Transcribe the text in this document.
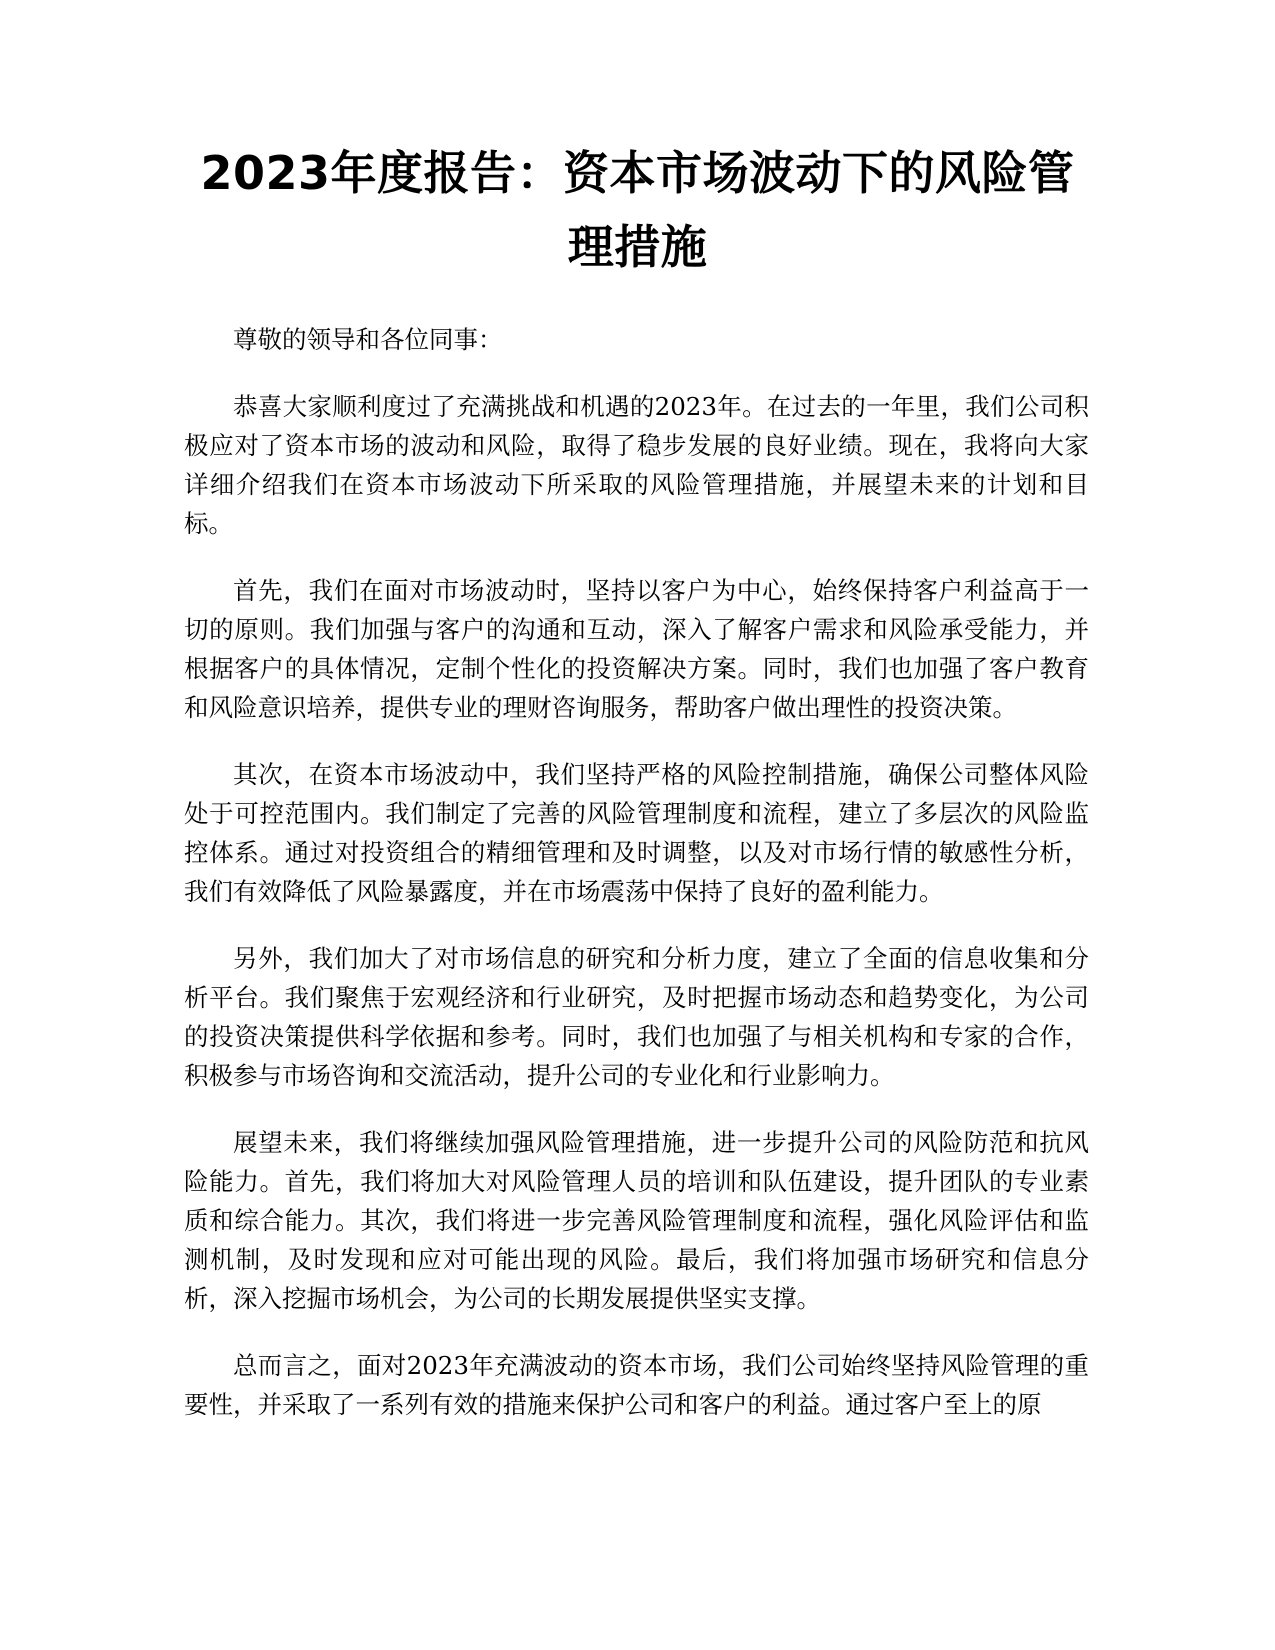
2023年度报告：资本市场波动下的风险管理措施

尊敬的领导和各位同事：

恭喜大家顺利度过了充满挑战和机遇的2023年。在过去的一年里，我们公司积极应对了资本市场的波动和风险，取得了稳步发展的良好业绩。现在，我将向大家详细介绍我们在资本市场波动下所采取的风险管理措施，并展望未来的计划和目标。

首先，我们在面对市场波动时，坚持以客户为中心，始终保持客户利益高于一切的原则。我们加强与客户的沟通和互动，深入了解客户需求和风险承受能力，并根据客户的具体情况，定制个性化的投资解决方案。同时，我们也加强了客户教育和风险意识培养，提供专业的理财咨询服务，帮助客户做出理性的投资决策。

其次，在资本市场波动中，我们坚持严格的风险控制措施，确保公司整体风险处于可控范围内。我们制定了完善的风险管理制度和流程，建立了多层次的风险监控体系。通过对投资组合的精细管理和及时调整，以及对市场行情的敏感性分析，我们有效降低了风险暴露度，并在市场震荡中保持了良好的盈利能力。

另外，我们加大了对市场信息的研究和分析力度，建立了全面的信息收集和分析平台。我们聚焦于宏观经济和行业研究，及时把握市场动态和趋势变化，为公司的投资决策提供科学依据和参考。同时，我们也加强了与相关机构和专家的合作，积极参与市场咨询和交流活动，提升公司的专业化和行业影响力。

展望未来，我们将继续加强风险管理措施，进一步提升公司的风险防范和抗风险能力。首先，我们将加大对风险管理人员的培训和队伍建设，提升团队的专业素质和综合能力。其次，我们将进一步完善风险管理制度和流程，强化风险评估和监测机制，及时发现和应对可能出现的风险。最后，我们将加强市场研究和信息分析，深入挖掘市场机会，为公司的长期发展提供坚实支撑。

总而言之，面对2023年充满波动的资本市场，我们公司始终坚持风险管理的重要性，并采取了一系列有效的措施来保护公司和客户的利益。通过客户至上的原
